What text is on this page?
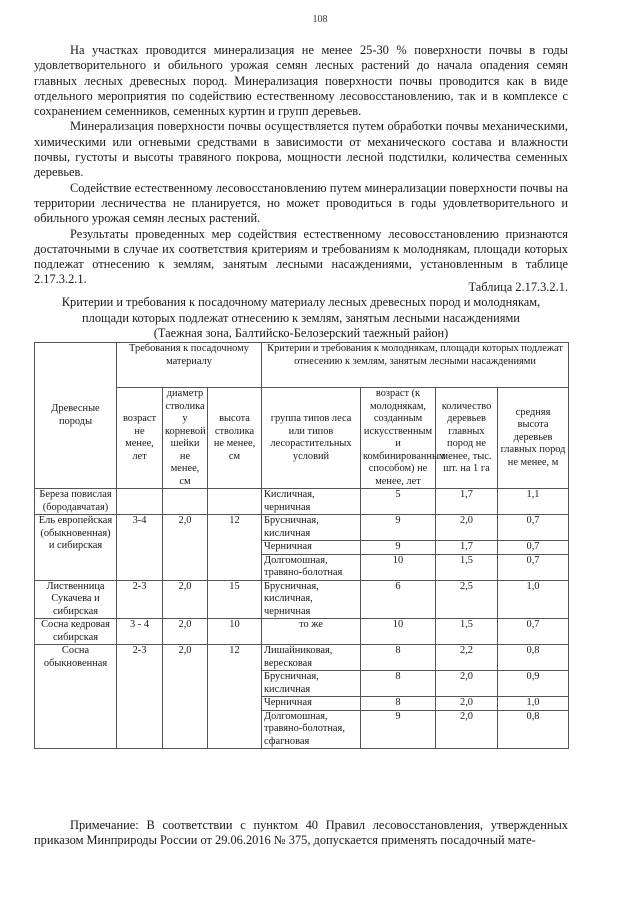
108

На участках проводится минерализация не менее 25-30 % поверхности почвы в годы удовлетворительного и обильного урожая семян лесных растений до начала опадения семян главных лесных древесных пород. Минерализация поверхности почвы проводится как в виде отдельного мероприятия по содействию естественному лесовосстановлению, так и в комплексе с сохранением семенников, семенных куртин и групп деревьев.

Минерализация поверхности почвы осуществляется путем обработки почвы механическими, химическими или огневыми средствами в зависимости от механического состава и влажности почвы, густоты и высоты травяного покрова, мощности лесной подстилки, количества семенных деревьев.

Содействие естественному лесовосстановлению путем минерализации поверхности почвы на территории лесничества не планируется, но может проводиться в годы удовлетворительного и обильного урожая семян лесных растений.

Результаты проведенных мер содействия естественному лесовосстановлению признаются достаточными в случае их соответствия критериям и требованиям к молоднякам, площади которых подлежат отнесению к землям, занятым лесными насаждениями, установленным в таблице 2.17.3.2.1.

Таблица 2.17.3.2.1.
Критерии и требования к посадочному материалу лесных древесных пород и молоднякам,
площади которых подлежат отнесению к землям, занятым лесными насаждениями
(Таежная зона, Балтийско-Белозерский таежный район)
Древесные породы	Требования к посадочному материалу			Критерии и требования к молоднякам, площади которых подлежат отнесению к землям, занятым лесными насаждениями			
	возраст не менее, лет	диаметр стволика у корневой шейки не менее, см	высота стволика не менее, см	группа типов леса или типов лесорастительных условий	возраст (к молоднякам, созданным искусственным и комбинированным способом) не менее, лет	количество деревьев главных пород не менее, тыс. шт. на 1 га	средняя высота деревьев главных пород не менее, м
Береза повислая (бородавчатая)				Кисличная, черничная	5	1,7	1,1
Ель европейская (обыкновенная) и сибирская	3-4	2,0	12	Брусничная, кисличная	9	2,0	0,7
				Черничная	9	1,7	0,7
				Долгомошная, травяно-болотная	10	1,5	0,7
Лиственница Сукачева и сибирская	2-3	2,0	15	Брусничная, кисличная, черничная	6	2,5	1,0
Сосна кедровая сибирская	3 - 4	2,0	10	то же	10	1,5	0,7
Сосна обыкновенная	2-3	2,0	12	Лишайниковая, вересковая	8	2,2	0,8
				Брусничная, кисличная	8	2,0	0,9
				Черничная	8	2,0	1,0
				Долгомошная, травяно-болотная, сфагновая	9	2,0	0,8

Примечание: В соответствии с пунктом 40 Правил лесовосстановления, утвержденных приказом Минприроды России от 29.06.2016 № 375, допускается применять посадочный мате-
